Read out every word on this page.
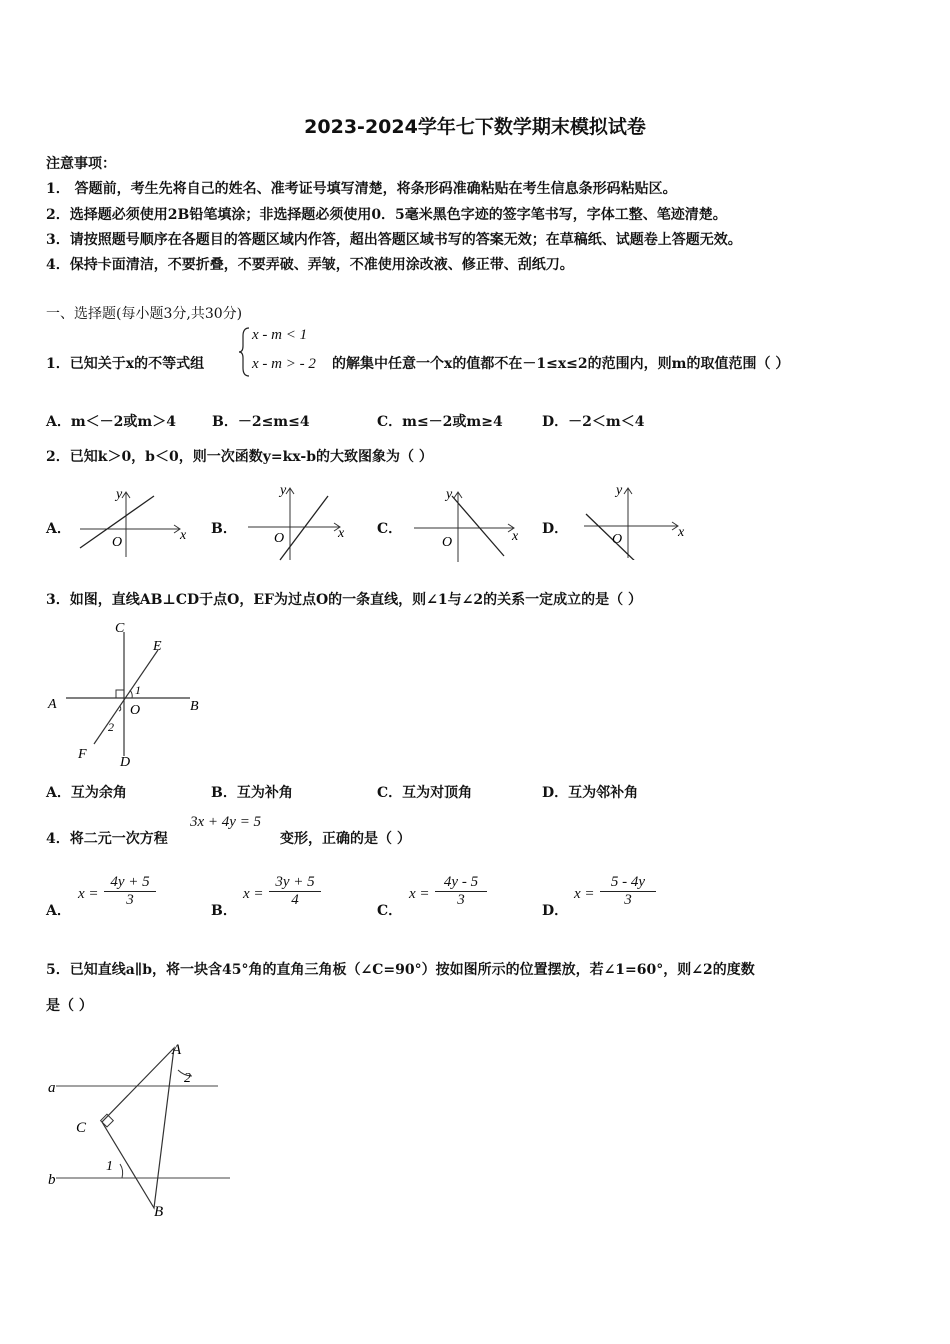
2023-2024学年七下数学期末模拟试卷
注意事项：
1． 答题前，考生先将自己的姓名、准考证号填写清楚，将条形码准确粘贴在考生信息条形码粘贴区。
2．选择题必须使用2B铅笔填涂；非选择题必须使用0．5毫米黑色字迹的签字笔书写，字体工整、笔迹清楚。
3．请按照题号顺序在各题目的答题区域内作答，超出答题区域书写的答案无效；在草稿纸、试题卷上答题无效。
4．保持卡面清洁，不要折叠，不要弄破、弄皱，不准使用涂改液、修正带、刮纸刀。
一、选择题(每小题3分,共30分)
1．已知关于x的不等式组
x - m < 1
x - m > - 2 的解集中任意一个x的值都不在－1≤x≤2的范围内，则m的取值范围（ ）
A．m＜－2或m＞4	B．－2≤m≤4	C．m≤－2或m≥4	D．－2＜m＜4
2．已知k＞0，b＜0，则一次函数y=kx-b的大致图象为（ ）
A．	x
y
O
B．	x
y
O
C．	x
y
O
D．	x
y
O
3．如图，直线AB⊥CD于点O，EF为过点O的一条直线，则∠1与∠2的关系一定成立的是（ ）
C
E
A	B
O
F
D
1
2
A．互为余角	B．互为补角	C．互为对顶角	D．互为邻补角
4．将二元一次方程
3x + 4y = 5
变形，正确的是（ ）
A．
$x = \frac{4y + 5}{3}$
B．
$x = \frac{3y + 5}{4}$
C．
$x = \frac{4y - 5}{3}$
D．
$x = \frac{5 - 4y}{3}$
5．已知直线a∥b，将一块含45°角的直角三角板（∠C=90°）按如图所示的位置摆放，若∠1=60°，则∠2的度数
是（ ）
a
b
A
C
B
1
2
